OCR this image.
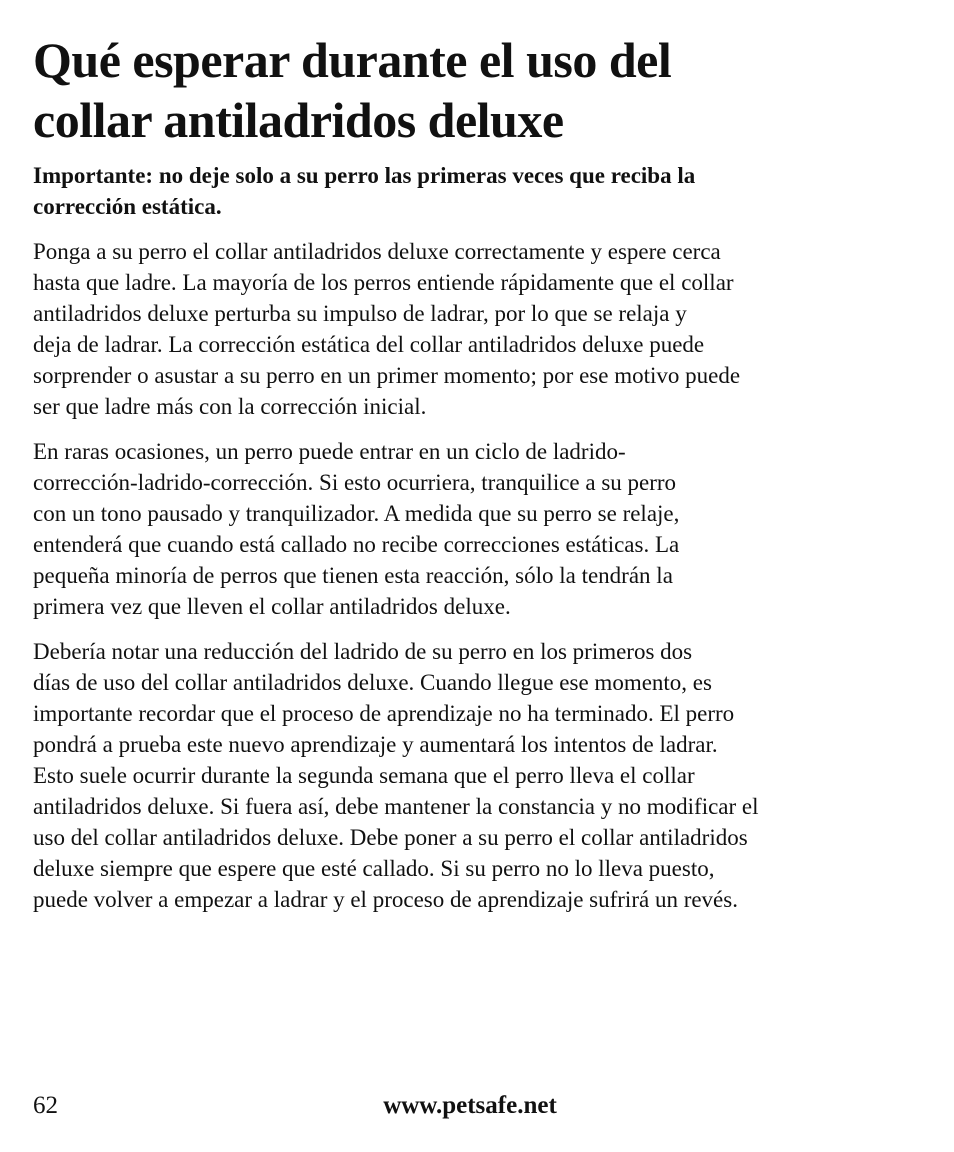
Qué esperar durante el uso del
collar antiladridos deluxe
Importante: no deje solo a su perro las primeras veces que reciba la
corrección estática.
Ponga a su perro el collar antiladridos deluxe correctamente y espere cerca
hasta que ladre. La mayoría de los perros entiende rápidamente que el collar
antiladridos deluxe perturba su impulso de ladrar, por lo que se relaja y
deja de ladrar. La corrección estática del collar antiladridos deluxe puede
sorprender o asustar a su perro en un primer momento; por ese motivo puede
ser que ladre más con la corrección inicial.
En raras ocasiones, un perro puede entrar en un ciclo de ladrido-
corrección-ladrido-corrección. Si esto ocurriera, tranquilice a su perro
con un tono pausado y tranquilizador. A medida que su perro se relaje,
entenderá que cuando está callado no recibe correcciones estáticas. La
pequeña minoría de perros que tienen esta reacción, sólo la tendrán la
primera vez que lleven el collar antiladridos deluxe.
Debería notar una reducción del ladrido de su perro en los primeros dos
días de uso del collar antiladridos deluxe. Cuando llegue ese momento, es
importante recordar que el proceso de aprendizaje no ha terminado. El perro
pondrá a prueba este nuevo aprendizaje y aumentará los intentos de ladrar.
Esto suele ocurrir durante la segunda semana que el perro lleva el collar
antiladridos deluxe. Si fuera así, debe mantener la constancia y no modificar el
uso del collar antiladridos deluxe. Debe poner a su perro el collar antiladridos
deluxe siempre que espere que esté callado. Si su perro no lo lleva puesto,
puede volver a empezar a ladrar y el proceso de aprendizaje sufrirá un revés.
62	www.petsafe.net
